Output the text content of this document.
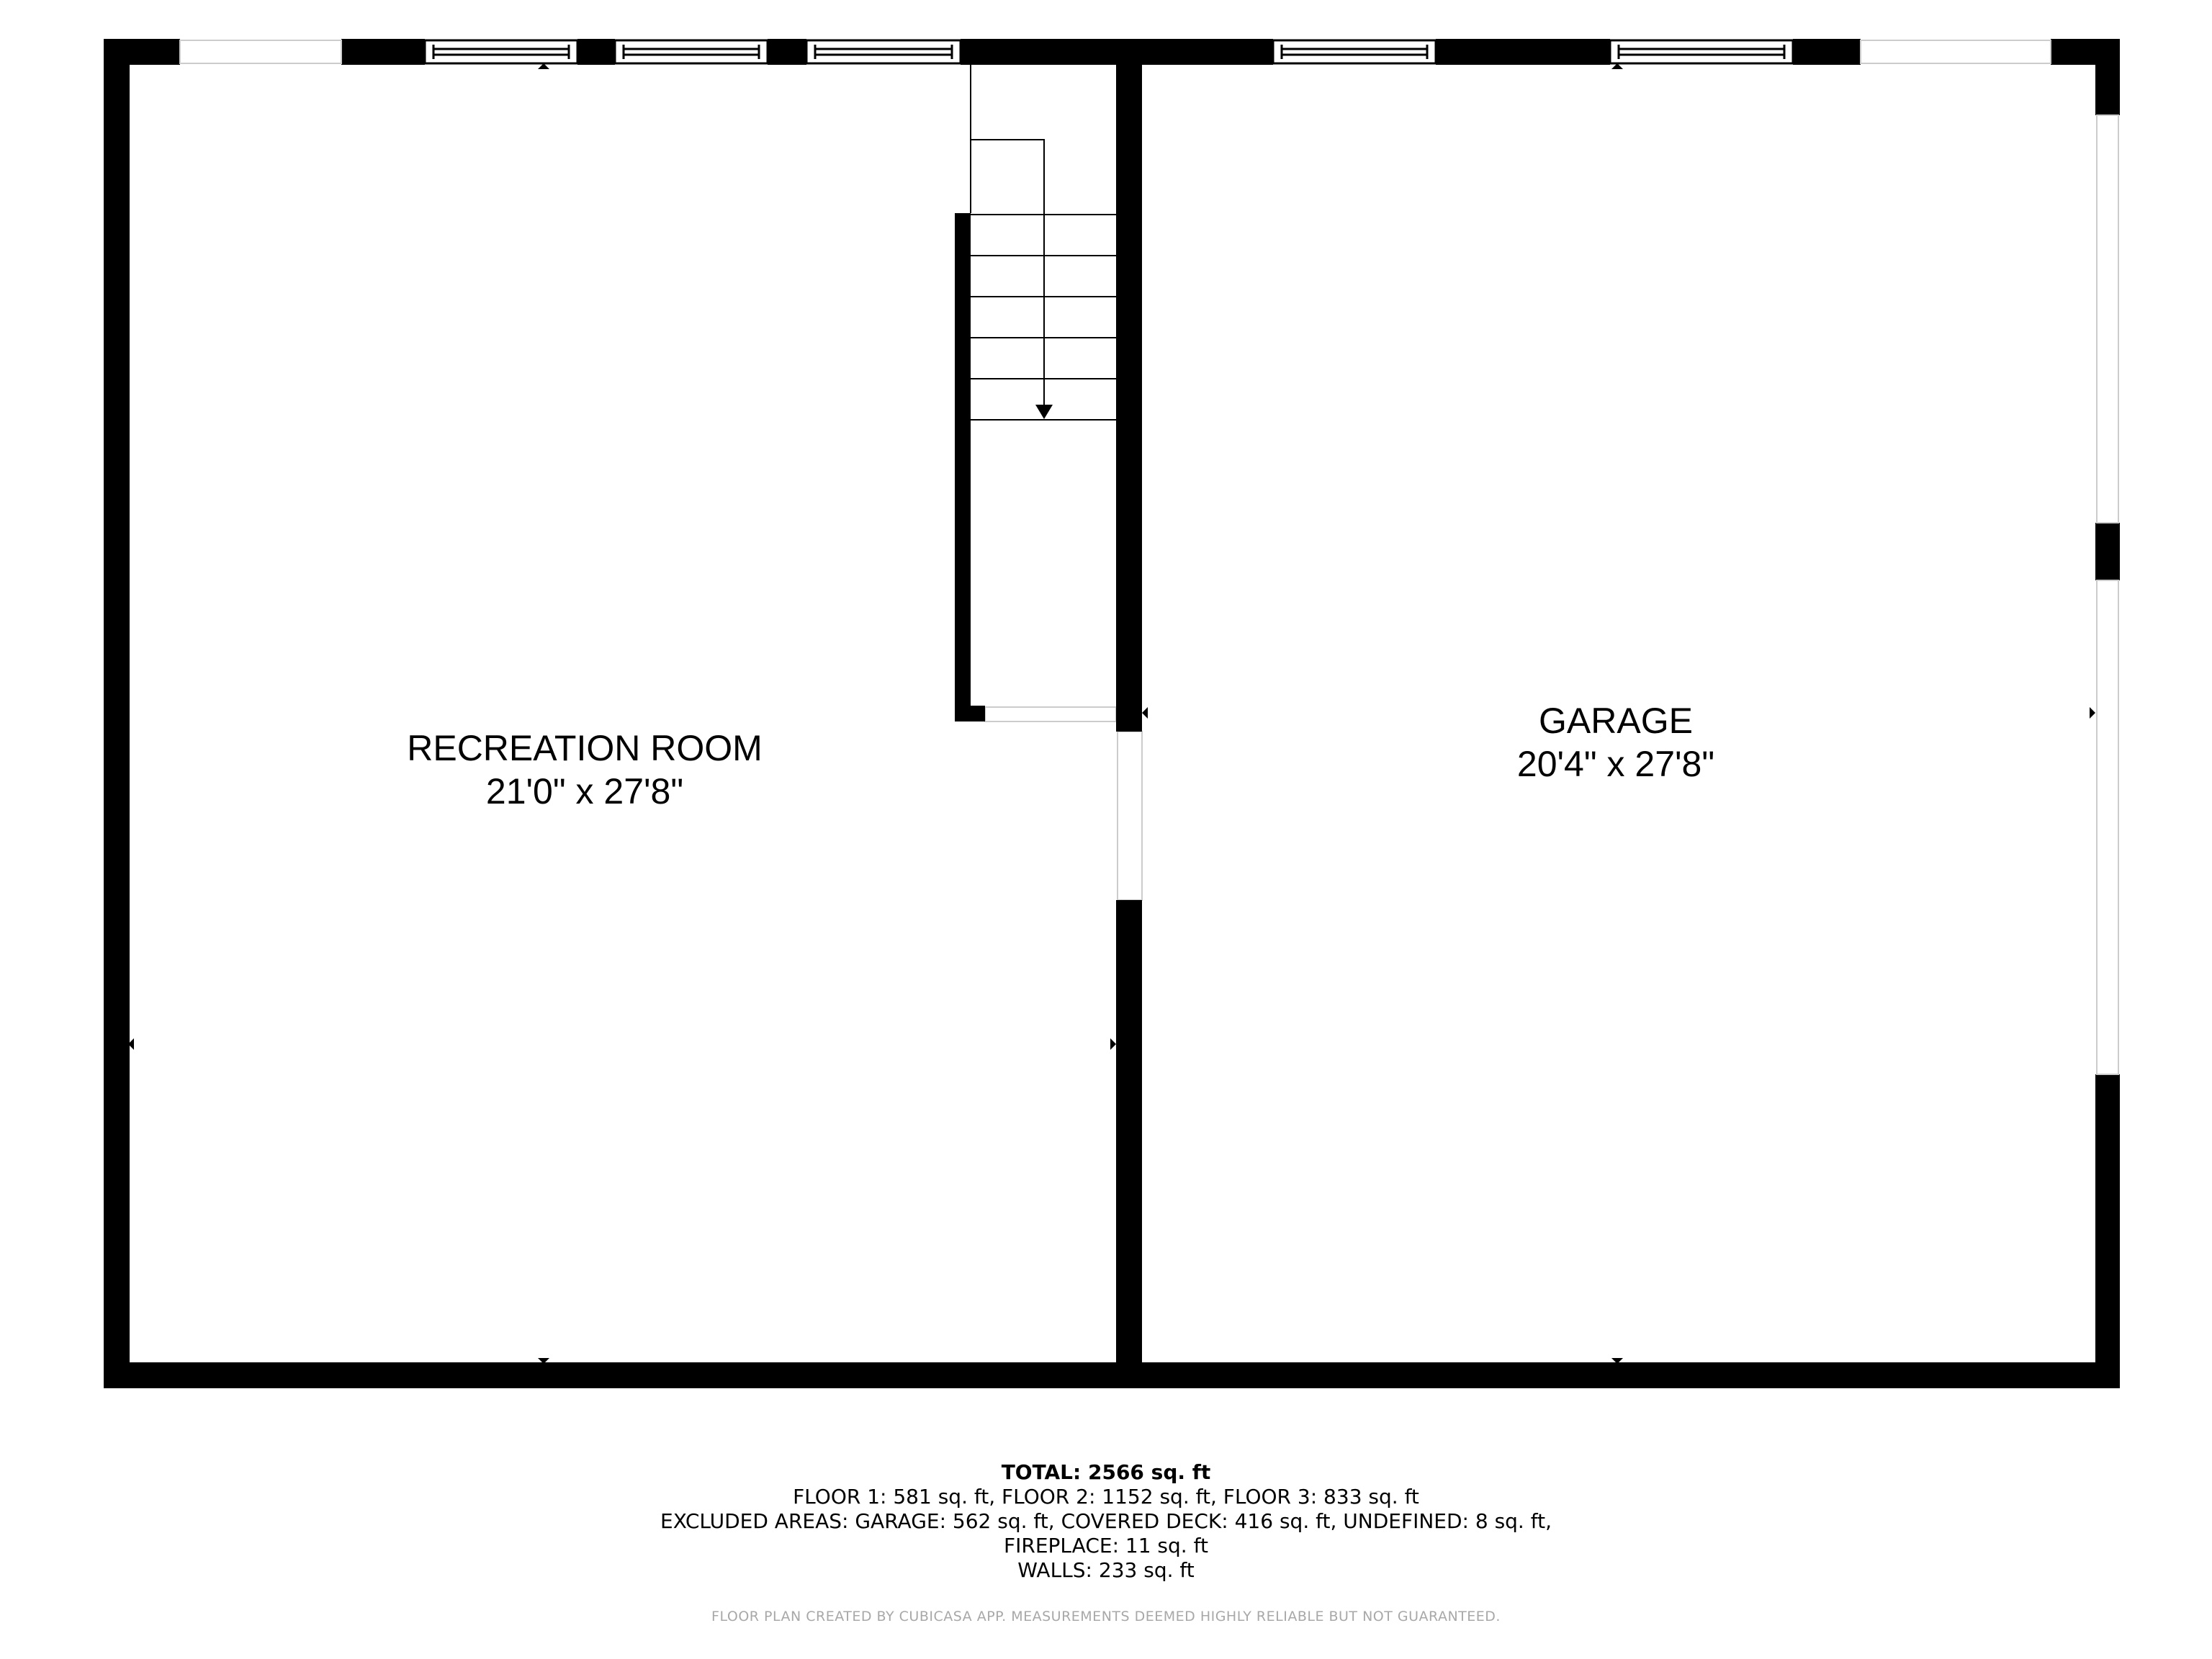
RECREATION ROOM
21'0" x 27'8"
GARAGE
20'4" x 27'8"
TOTAL: 2566 sq. ft
FLOOR 1: 581 sq. ft, FLOOR 2: 1152 sq. ft, FLOOR 3: 833 sq. ft
EXCLUDED AREAS: GARAGE: 562 sq. ft, COVERED DECK: 416 sq. ft, UNDEFINED: 8 sq. ft,
FIREPLACE: 11 sq. ft
WALLS: 233 sq. ft
FLOOR PLAN CREATED BY CUBICASA APP. MEASUREMENTS DEEMED HIGHLY RELIABLE BUT NOT GUARANTEED.
